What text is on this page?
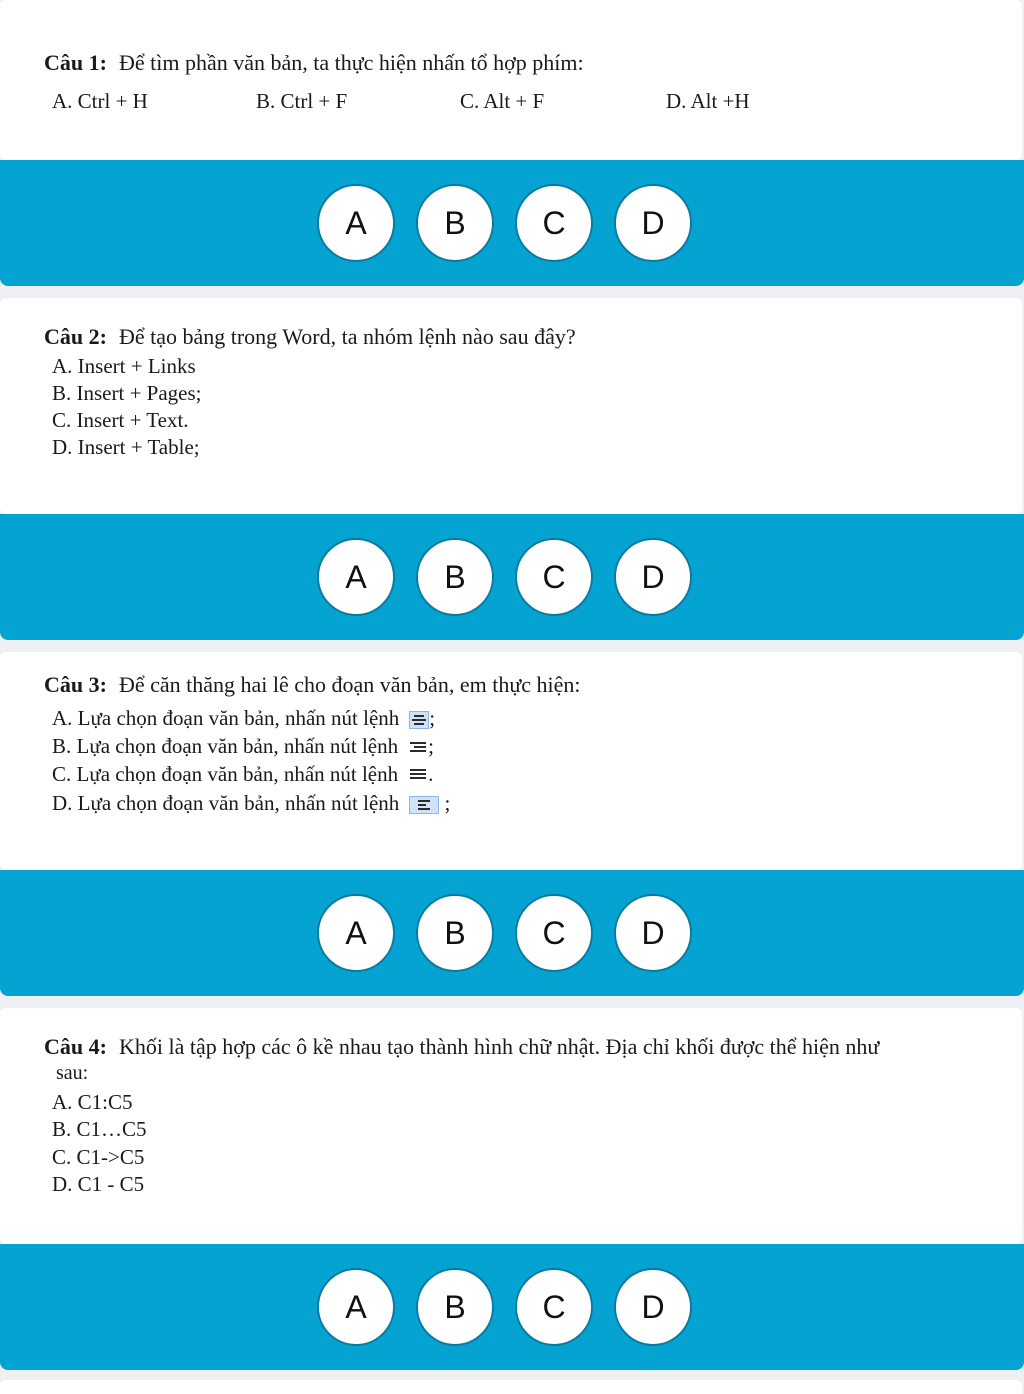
Câu 1: Để tìm phần văn bản, ta thực hiện nhấn tổ hợp phím:
A. Ctrl + H	B. Ctrl + F	C. Alt + F	D. Alt +H
A	B	C	D
Câu 2: Để tạo bảng trong Word, ta nhóm lệnh nào sau đây?
A. Insert + Links
B. Insert + Pages;
C. Insert + Text.
D. Insert + Table;
A	B	C	D
Câu 3: Để căn thăng hai lê cho đoạn văn bản, em thực hiện:
A. Lựa chọn đoạn văn bản, nhấn nút lệnh ;
B. Lựa chọn đoạn văn bản, nhấn nút lệnh ;
C. Lựa chọn đoạn văn bản, nhấn nút lệnh .
D. Lựa chọn đoạn văn bản, nhấn nút lệnh
;
A	B	C	D
Câu 4: Khối là tập hợp các ô kề nhau tạo thành hình chữ nhật. Địa chỉ khối được thể hiện như
sau:
A. C1:C5
B. C1…C5
C. C1->C5
D. C1 - C5
A	B	C	D
